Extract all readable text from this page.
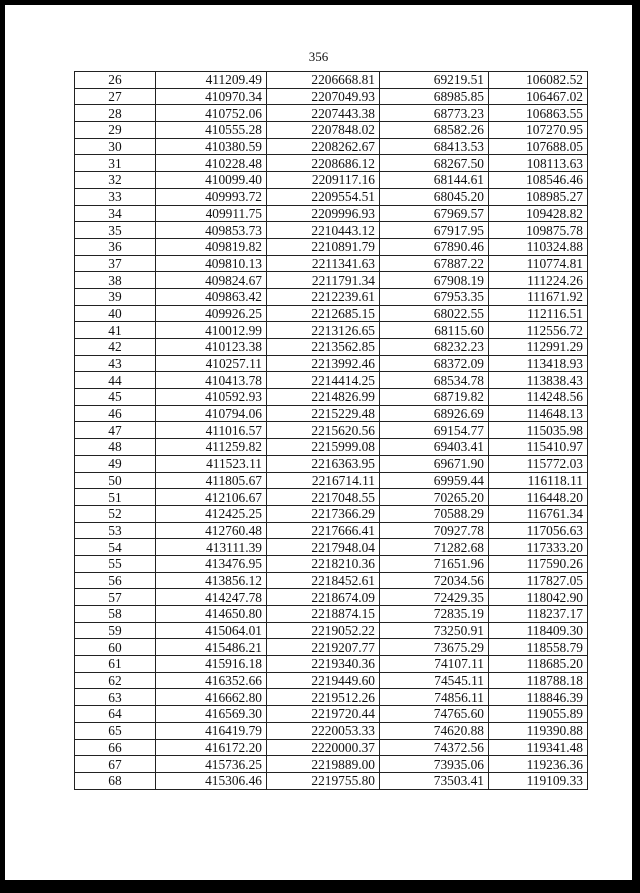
356
26	411209.49	2206668.81	69219.51	106082.52
27	410970.34	2207049.93	68985.85	106467.02
28	410752.06	2207443.38	68773.23	106863.55
29	410555.28	2207848.02	68582.26	107270.95
30	410380.59	2208262.67	68413.53	107688.05
31	410228.48	2208686.12	68267.50	108113.63
32	410099.40	2209117.16	68144.61	108546.46
33	409993.72	2209554.51	68045.20	108985.27
34	409911.75	2209996.93	67969.57	109428.82
35	409853.73	2210443.12	67917.95	109875.78
36	409819.82	2210891.79	67890.46	110324.88
37	409810.13	2211341.63	67887.22	110774.81
38	409824.67	2211791.34	67908.19	111224.26
39	409863.42	2212239.61	67953.35	111671.92
40	409926.25	2212685.15	68022.55	112116.51
41	410012.99	2213126.65	68115.60	112556.72
42	410123.38	2213562.85	68232.23	112991.29
43	410257.11	2213992.46	68372.09	113418.93
44	410413.78	2214414.25	68534.78	113838.43
45	410592.93	2214826.99	68719.82	114248.56
46	410794.06	2215229.48	68926.69	114648.13
47	411016.57	2215620.56	69154.77	115035.98
48	411259.82	2215999.08	69403.41	115410.97
49	411523.11	2216363.95	69671.90	115772.03
50	411805.67	2216714.11	69959.44	116118.11
51	412106.67	2217048.55	70265.20	116448.20
52	412425.25	2217366.29	70588.29	116761.34
53	412760.48	2217666.41	70927.78	117056.63
54	413111.39	2217948.04	71282.68	117333.20
55	413476.95	2218210.36	71651.96	117590.26
56	413856.12	2218452.61	72034.56	117827.05
57	414247.78	2218674.09	72429.35	118042.90
58	414650.80	2218874.15	72835.19	118237.17
59	415064.01	2219052.22	73250.91	118409.30
60	415486.21	2219207.77	73675.29	118558.79
61	415916.18	2219340.36	74107.11	118685.20
62	416352.66	2219449.60	74545.11	118788.18
63	416662.80	2219512.26	74856.11	118846.39
64	416569.30	2219720.44	74765.60	119055.89
65	416419.79	2220053.33	74620.88	119390.88
66	416172.20	2220000.37	74372.56	119341.48
67	415736.25	2219889.00	73935.06	119236.36
68	415306.46	2219755.80	73503.41	119109.33
